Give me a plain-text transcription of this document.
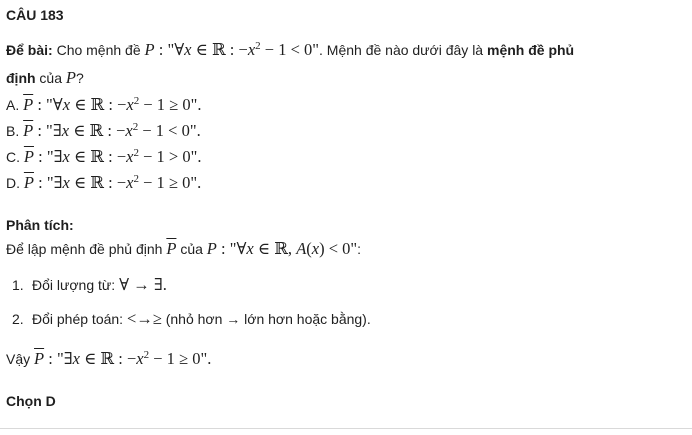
CÂU 183
Để bài: Cho mệnh đề P : "∀x ∈ ℝ : $-x^2 - 1 < 0$". Mệnh đề nào dưới đây là mệnh đề phủ
định của P?
A. $\overline{P}$ : "∀x ∈ ℝ : $-x^2 - 1 \ge 0$".
B. $\overline{P}$ : "∃x ∈ ℝ : $-x^2 - 1 < 0$".
C. $\overline{P}$ : "∃x ∈ ℝ : $-x^2 - 1 > 0$".
D. $\overline{P}$ : "∃x ∈ ℝ : $-x^2 - 1 \ge 0$".
Phân tích:
Để lập mệnh đề phủ định $\overline{P}$ của P : "∀x ∈ ℝ, A(x) < 0":
1. Đổi lượng từ: ∀ → ∃.
2. Đổi phép toán: <→≥ (nhỏ hơn → lớn hơn hoặc bằng).
Vậy $\overline{P}$ : "∃x ∈ ℝ : $-x^2 - 1 \ge 0$".
Chọn D
